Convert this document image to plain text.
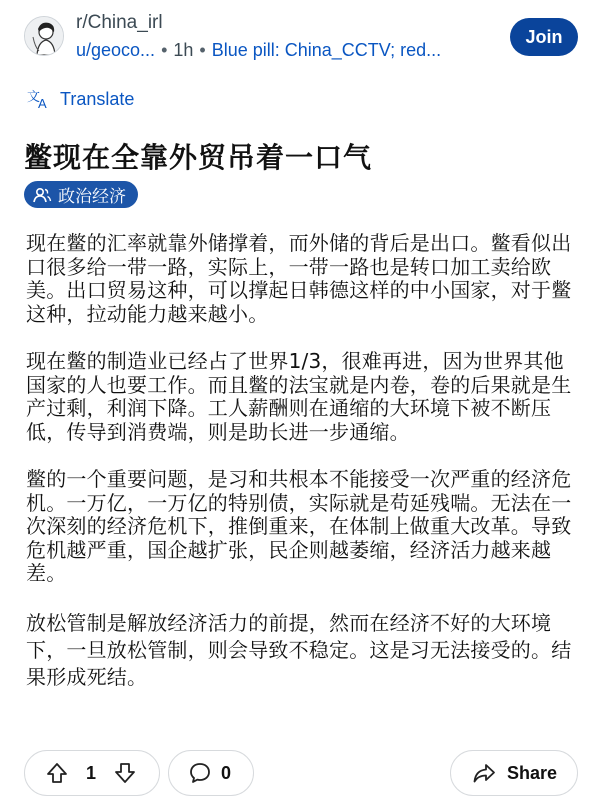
r/China_irl
u/geoco... • 1h • Blue pill: China_CCTV; red...
Join
文
A Translate
鳖现在全靠外贸吊着一口气
政治经济

现在鳖的汇率就靠外储撑着，而外储的背后是出口。鳖看似出口很多给一带一路，实际上，一带一路也是转口加工卖给欧美。出口贸易这种，可以撑起日韩德这样的中小国家，对于鳖这种，拉动能力越来越小。

现在鳖的制造业已经占了世界1/3，很难再进，因为世界其他国家的人也要工作。而且鳖的法宝就是内卷，卷的后果就是生产过剩，利润下降。工人薪酬则在通缩的大环境下被不断压低，传导到消费端，则是助长进一步通缩。

鳖的一个重要问题，是习和共根本不能接受一次严重的经济危机。一万亿，一万亿的特别债，实际就是苟延残喘。无法在一次深刻的经济危机下，推倒重来，在体制上做重大改革。导致危机越严重，国企越扩张，民企则越萎缩，经济活力越来越差。

放松管制是解放经济活力的前提，然而在经济不好的大环境下，一旦放松管制，则会导致不稳定。这是习无法接受的。结果形成死结。

1	0	Share
